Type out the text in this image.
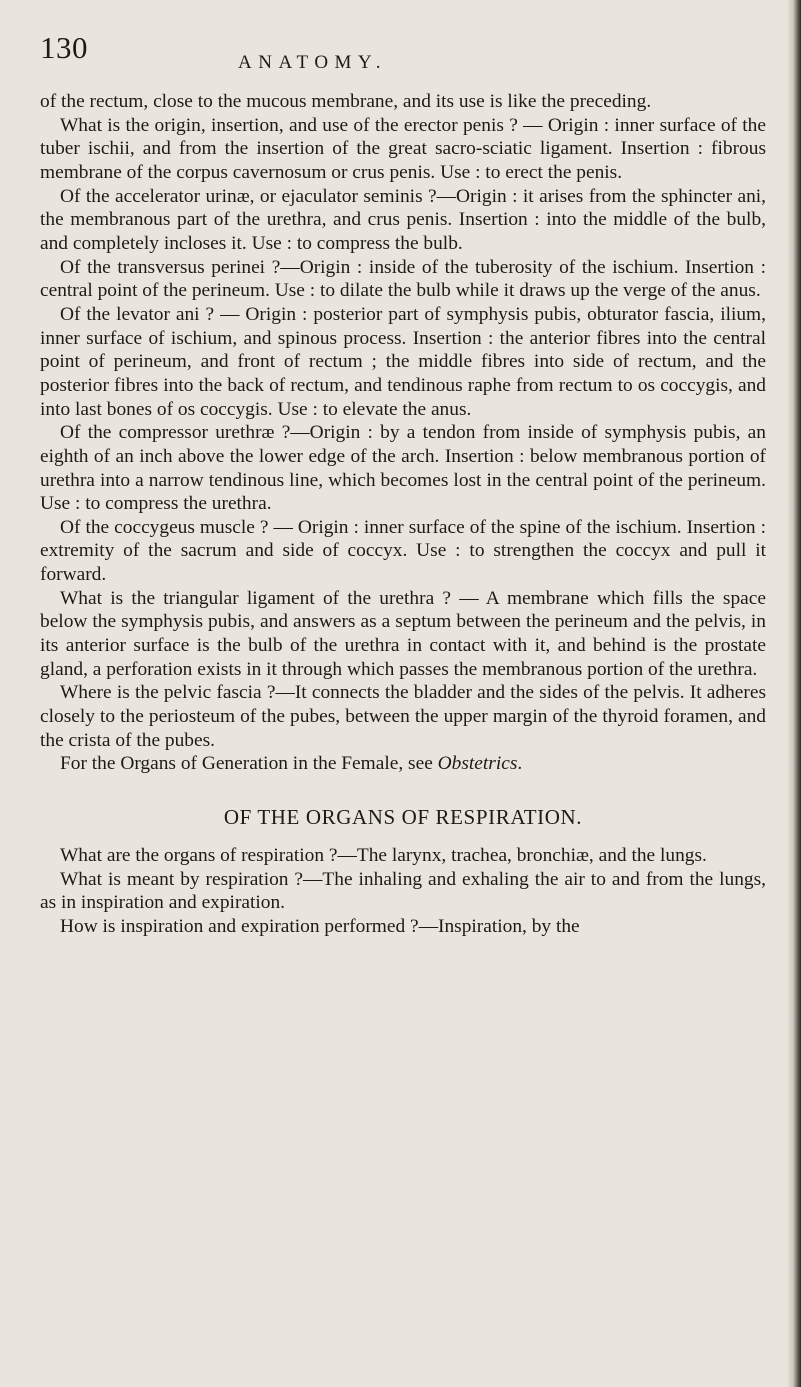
130	ANATOMY.

of the rectum, close to the mucous membrane, and its use is like the preceding.

What is the origin, insertion, and use of the erector penis ? — Origin : inner surface of the tuber ischii, and from the insertion of the great sacro-sciatic ligament. Insertion : fibrous membrane of the corpus cavernosum or crus penis. Use : to erect the penis.

Of the accelerator urinæ, or ejaculator seminis ?—Origin : it arises from the sphincter ani, the membranous part of the urethra, and crus penis. Insertion : into the middle of the bulb, and completely incloses it. Use : to compress the bulb.

Of the transversus perinei ?—Origin : inside of the tuberosity of the ischium. Insertion : central point of the perineum. Use : to dilate the bulb while it draws up the verge of the anus.

Of the levator ani ? — Origin : posterior part of symphysis pubis, obturator fascia, ilium, inner surface of ischium, and spinous process. Insertion : the anterior fibres into the central point of perineum, and front of rectum ; the middle fibres into side of rectum, and the posterior fibres into the back of rectum, and tendinous raphe from rectum to os coccygis, and into last bones of os coccygis. Use : to elevate the anus.

Of the compressor urethræ ?—Origin : by a tendon from inside of symphysis pubis, an eighth of an inch above the lower edge of the arch. Insertion : below membranous portion of urethra into a narrow tendinous line, which becomes lost in the central point of the perineum. Use : to compress the urethra.

Of the coccygeus muscle ? — Origin : inner surface of the spine of the ischium. Insertion : extremity of the sacrum and side of coccyx. Use : to strengthen the coccyx and pull it forward.

What is the triangular ligament of the urethra ? — A membrane which fills the space below the symphysis pubis, and answers as a septum between the perineum and the pelvis, in its anterior surface is the bulb of the urethra in contact with it, and behind is the prostate gland, a perforation exists in it through which passes the membranous portion of the urethra.

Where is the pelvic fascia ?—It connects the bladder and the sides of the pelvis. It adheres closely to the periosteum of the pubes, between the upper margin of the thyroid foramen, and the crista of the pubes.

For the Organs of Generation in the Female, see Obstetrics.

OF THE ORGANS OF RESPIRATION.

What are the organs of respiration ?—The larynx, trachea, bronchiæ, and the lungs.

What is meant by respiration ?—The inhaling and exhaling the air to and from the lungs, as in inspiration and expiration.

How is inspiration and expiration performed ?—Inspiration, by the
